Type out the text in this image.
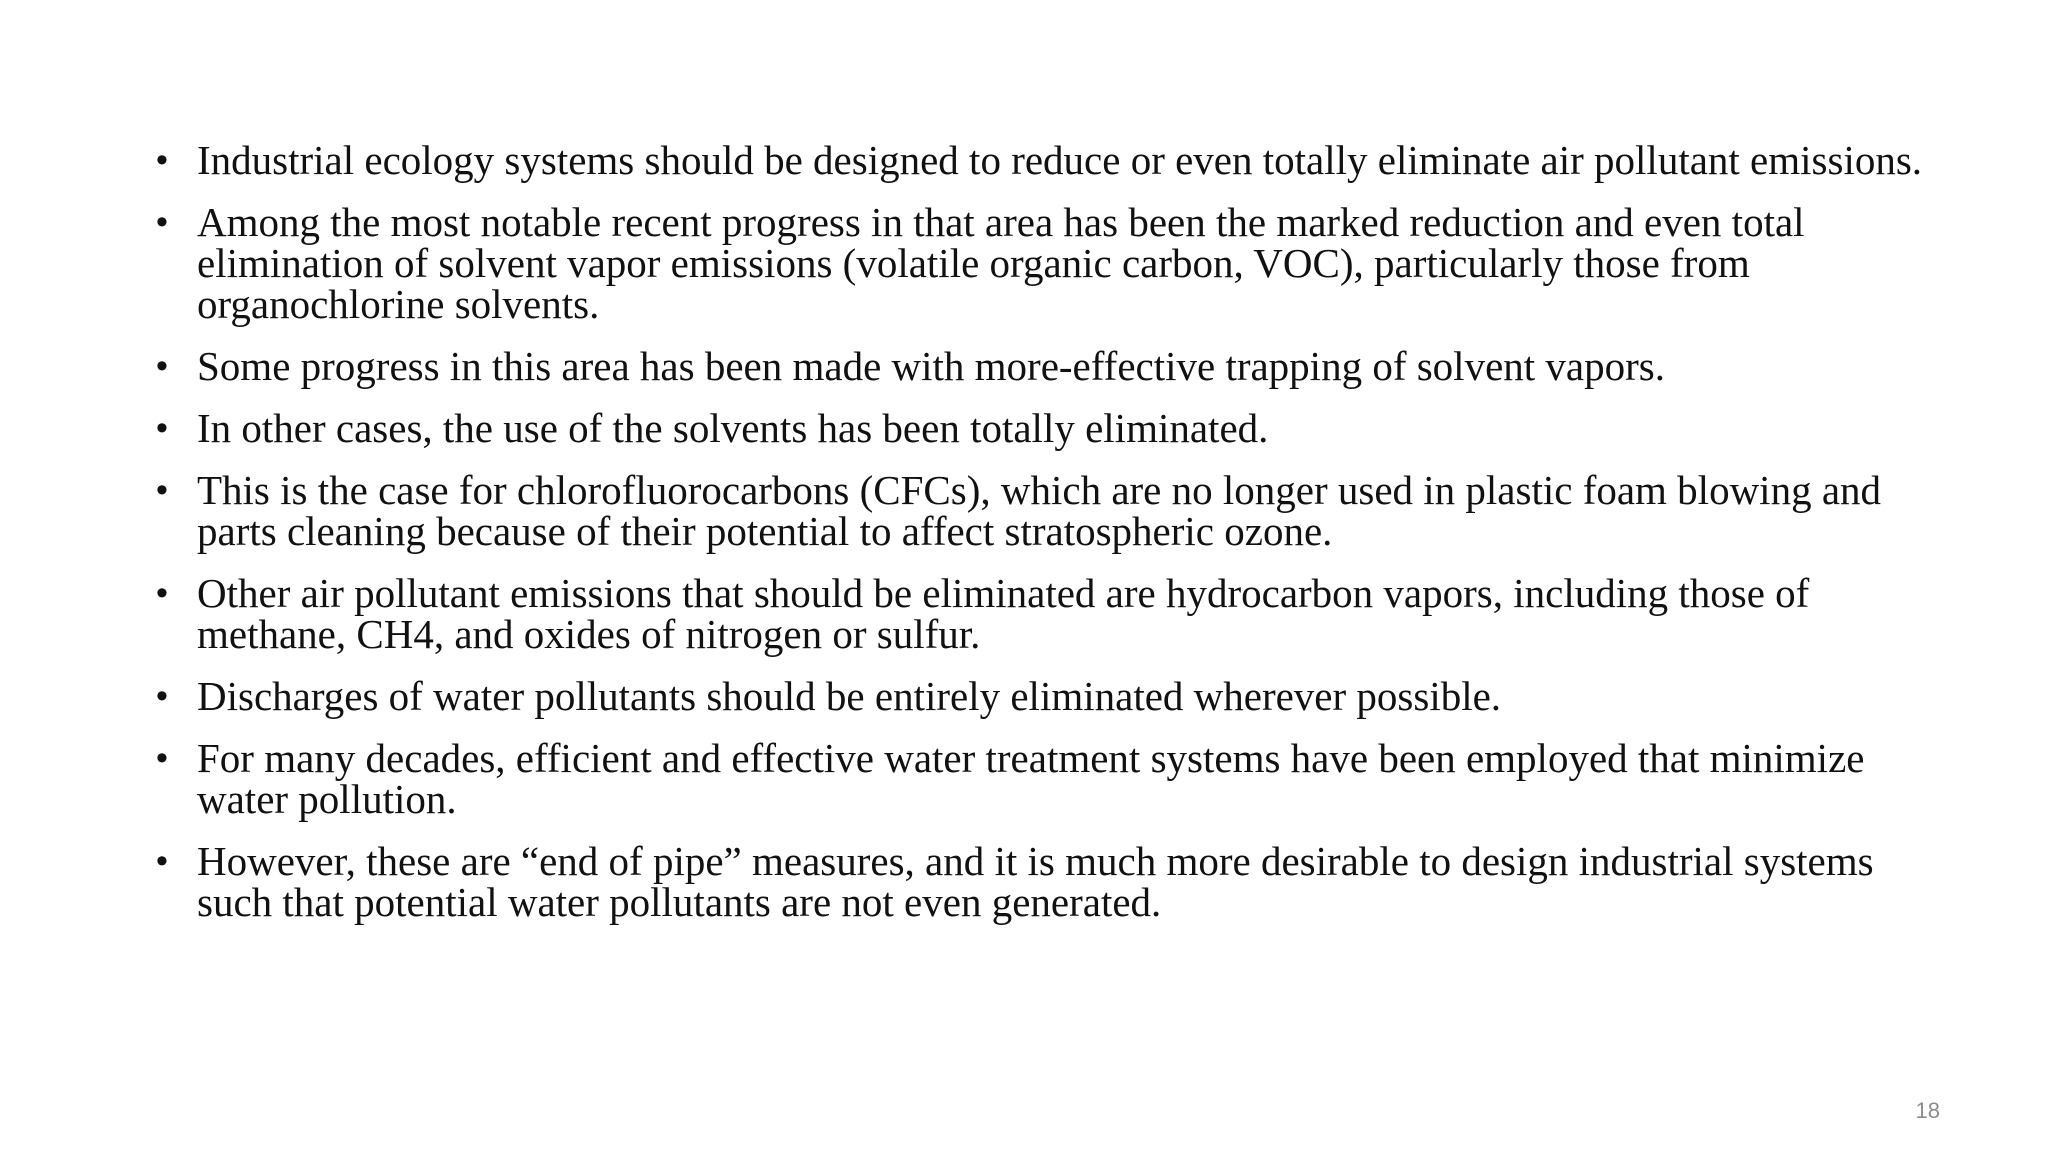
• Industrial ecology systems should be designed to reduce or even totally eliminate air pollutant emissions.
• Among the most notable recent progress in that area has been the marked reduction and even total elimination of solvent vapor emissions (volatile organic carbon, VOC), particularly those from organochlorine solvents.
• Some progress in this area has been made with more-effective trapping of solvent vapors.
• In other cases, the use of the solvents has been totally eliminated.
• This is the case for chlorofluorocarbons (CFCs), which are no longer used in plastic foam blowing and parts cleaning because of their potential to affect stratospheric ozone.
• Other air pollutant emissions that should be eliminated are hydrocarbon vapors, including those of methane, CH4, and oxides of nitrogen or sulfur.
• Discharges of water pollutants should be entirely eliminated wherever possible.
• For many decades, efficient and effective water treatment systems have been employed that minimize water pollution.
• However, these are “end of pipe” measures, and it is much more desirable to design industrial systems such that potential water pollutants are not even generated.
18
